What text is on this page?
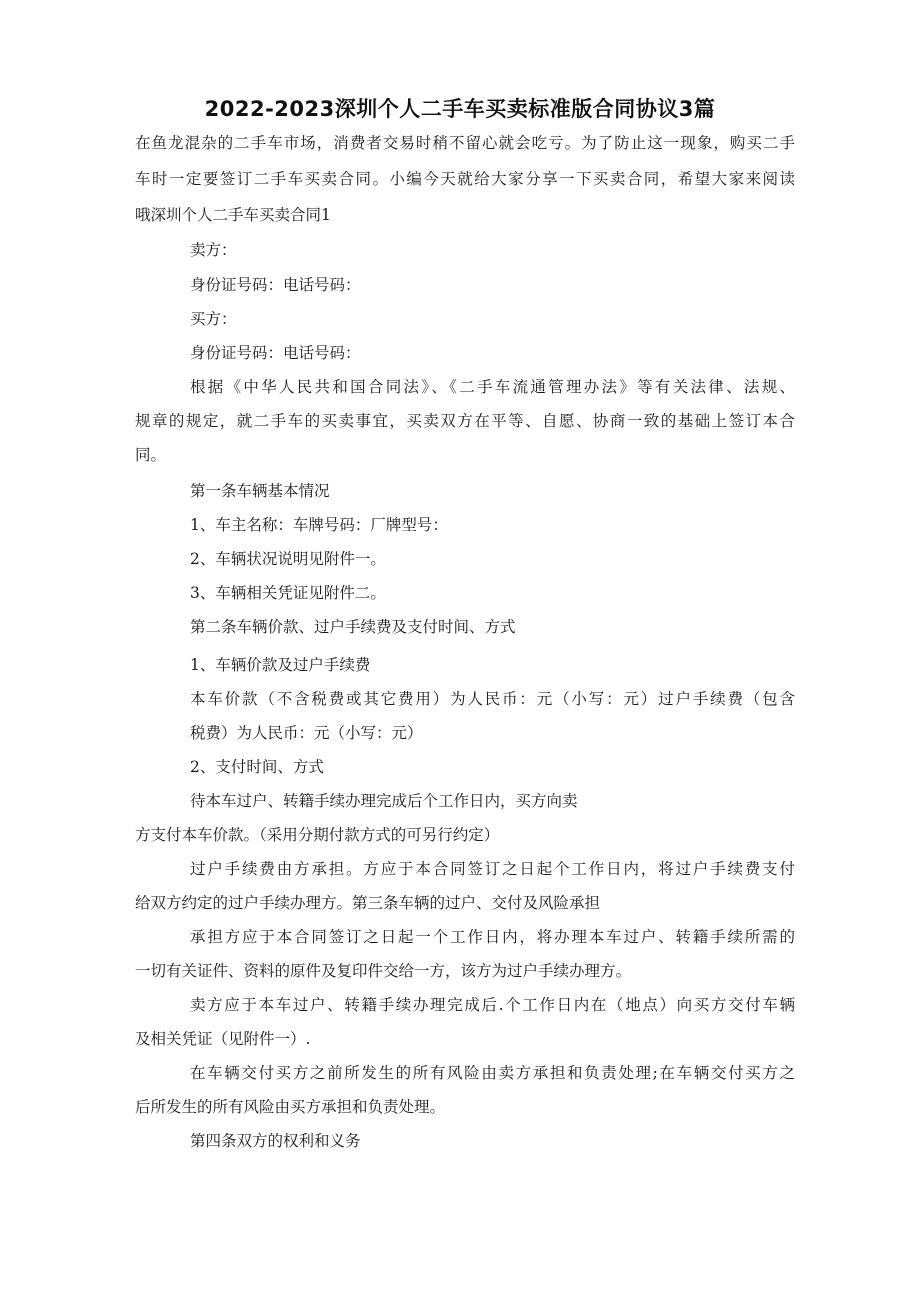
2022-2023深圳个人二手车买卖标准版合同协议3篇

在鱼龙混杂的二手车市场，消费者交易时稍不留心就会吃亏。为了防止这一现象，购买二手

车时一定要签订二手车买卖合同。小编今天就给大家分享一下买卖合同，希望大家来阅读

哦深圳个人二手车买卖合同1

卖方：

身份证号码：电话号码：

买方：

身份证号码：电话号码：

根据《中华人民共和国合同法》、《二手车流通管理办法》等有关法律、法规、

规章的规定，就二手车的买卖事宜，买卖双方在平等、自愿、协商一致的基础上签订本合

同。

第一条车辆基本情况

1、车主名称：车牌号码：厂牌型号：

2、车辆状况说明见附件一。

3、车辆相关凭证见附件二。

第二条车辆价款、过户手续费及支付时间、方式

1、车辆价款及过户手续费

本车价款（不含税费或其它费用）为人民币：元（小写：元）过户手续费（包含

税费）为人民币：元（小写：元）

2、支付时间、方式

待本车过户、转籍手续办理完成后个工作日内，买方向卖

方支付本车价款。（采用分期付款方式的可另行约定）

过户手续费由方承担。方应于本合同签订之日起个工作日内，将过户手续费支付

给双方约定的过户手续办理方。第三条车辆的过户、交付及风险承担

承担方应于本合同签订之日起一个工作日内，将办理本车过户、转籍手续所需的

一切有关证件、资料的原件及复印件交给一方，该方为过户手续办理方。

卖方应于本车过户、转籍手续办理完成后.个工作日内在（地点）向买方交付车辆

及相关凭证（见附件一）.

在车辆交付买方之前所发生的所有风险由卖方承担和负责处理;在车辆交付买方之

后所发生的所有风险由买方承担和负责处理。

第四条双方的权利和义务
